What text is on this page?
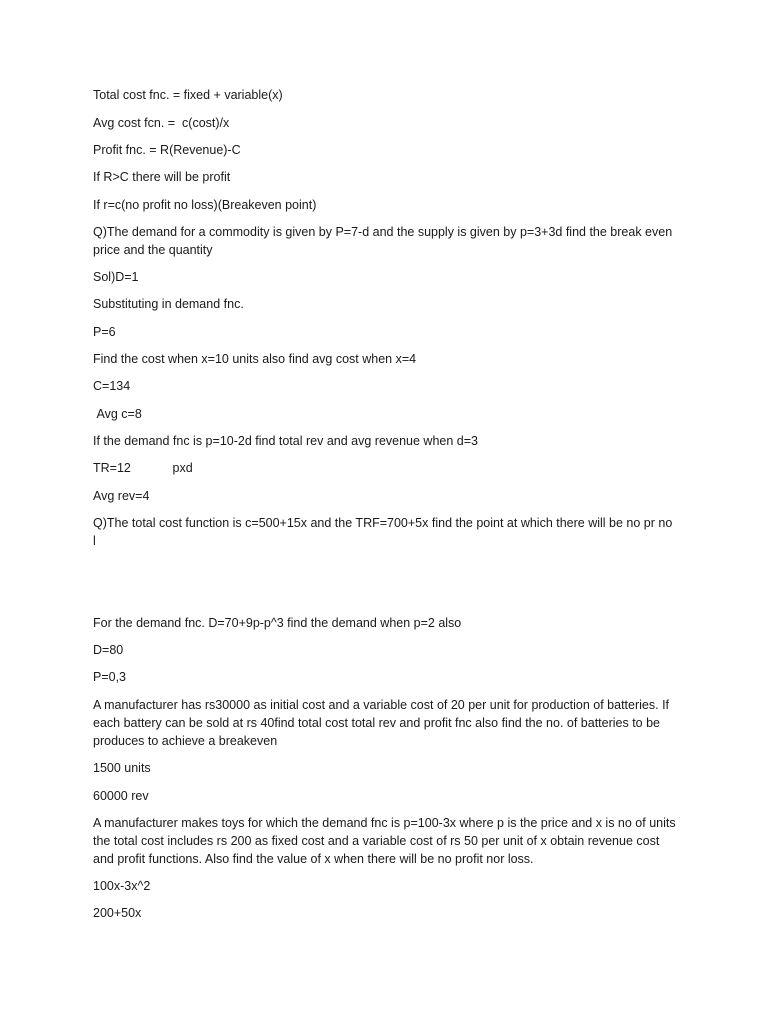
Total cost fnc. = fixed + variable(x)

Avg cost fcn. =  c(cost)/x

Profit fnc. = R(Revenue)-C

If R>C there will be profit

If r=c(no profit no loss)(Breakeven point)

Q)The demand for a commodity is given by P=7-d and the supply is given by p=3+3d find the break even price and the quantity

Sol)D=1

Substituting in demand fnc.

P=6

Find the cost when x=10 units also find avg cost when x=4

C=134

Avg c=8

If the demand fnc is p=10-2d find total rev and avg revenue when d=3

TR=12            pxd

Avg rev=4

Q)The total cost function is c=500+15x and the TRF=700+5x find the point at which there will be no pr no l

For the demand fnc. D=70+9p-p^3 find the demand when p=2 also

D=80

P=0,3

A manufacturer has rs30000 as initial cost and a variable cost of 20 per unit for production of batteries. If each battery can be sold at rs 40find total cost total rev and profit fnc also find the no. of batteries to be produces to achieve a breakeven

1500 units

60000 rev

A manufacturer makes toys for which the demand fnc is p=100-3x where p is the price and x is no of units the total cost includes rs 200 as fixed cost and a variable cost of rs 50 per unit of x obtain revenue cost and profit functions. Also find the value of x when there will be no profit nor loss.

100x-3x^2

200+50x
